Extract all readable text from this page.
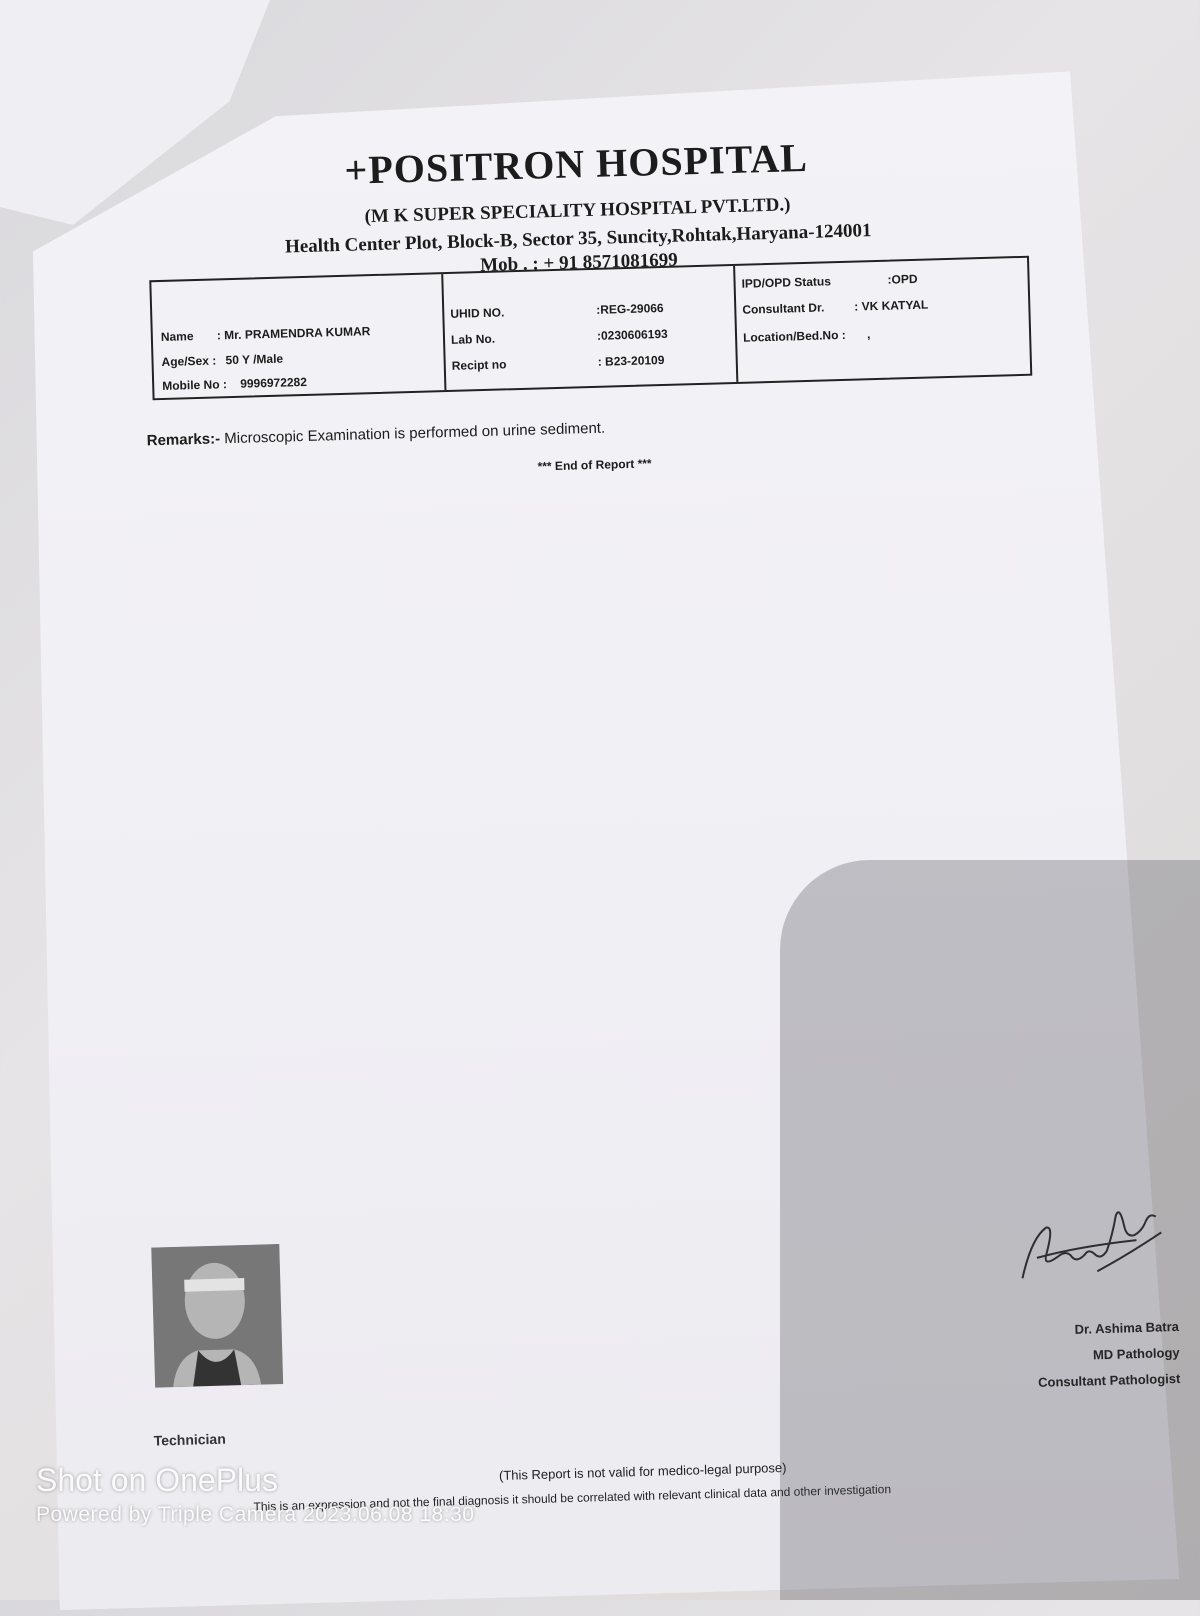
+POSITRON HOSPITAL
(M K SUPER SPECIALITY HOSPITAL PVT.LTD.)
Health Center Plot, Block-B, Sector 35, Suncity,Rohtak,Haryana-124001
Mob . : + 91 8571081699
Name : Mr. PRAMENDRA KUMAR
Age/Sex : 50 Y /Male
Mobile No : 9996972282
UHID NO.	:REG-29066
Lab No.	:0230606193
Recipt no	: B23-20109
IPD/OPD Status	:OPD
Consultant Dr. : VK KATYAL
Location/Bed.No : ,
Remarks:- Microscopic Examination is performed on urine sediment.
*** End of Report ***
Technician
Dr. Ashima Batra
MD Pathology
Consultant Pathologist
(This Report is not valid for medico-legal purpose)
This is an expression and not the final diagnosis it should be correlated with relevant clinical data and other investigation
Shot on OnePlus
Powered by Triple Camera 2023.06.08 18:30
